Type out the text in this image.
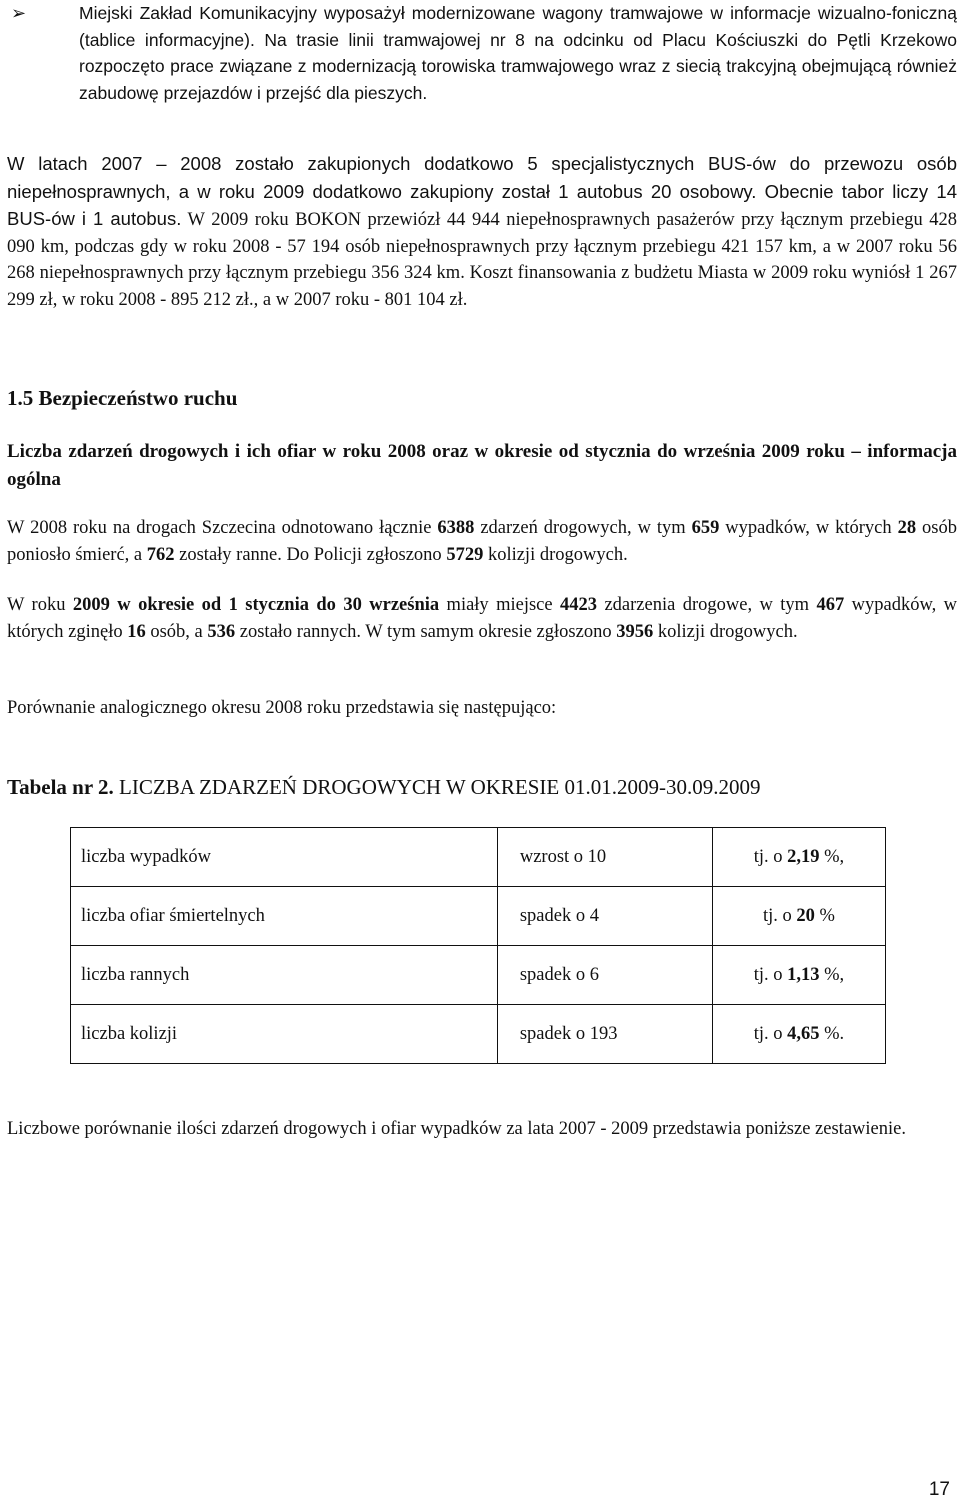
➢	Miejski Zakład Komunikacyjny wyposażył modernizowane wagony tramwajowe w informacje wizualno-foniczną (tablice informacyjne). Na trasie linii tramwajowej nr 8 na odcinku od Placu Kościuszki do Pętli Krzekowo rozpoczęto prace związane z modernizacją torowiska tramwajowego wraz z siecią trakcyjną obejmującą również zabudowę przejazdów i przejść dla pieszych.

W latach 2007 – 2008 zostało zakupionych dodatkowo 5 specjalistycznych BUS-ów do przewozu osób niepełnosprawnych, a w roku 2009 dodatkowo zakupiony został 1 autobus 20 osobowy. Obecnie tabor liczy 14 BUS-ów i 1 autobus. W 2009 roku BOKON przewiózł 44 944 niepełnosprawnych pasażerów przy łącznym przebiegu 428 090 km, podczas gdy w roku 2008 - 57 194 osób niepełnosprawnych przy łącznym przebiegu 421 157 km, a w 2007 roku 56 268 niepełnosprawnych przy łącznym przebiegu 356 324 km. Koszt finansowania z budżetu Miasta w 2009 roku wyniósł 1 267 299 zł, w roku 2008 - 895 212 zł., a w 2007 roku - 801 104 zł.

1.5 Bezpieczeństwo ruchu
Liczba zdarzeń drogowych i ich ofiar w roku 2008 oraz w okresie od stycznia do września 2009 roku – informacja ogólna

W 2008 roku na drogach Szczecina odnotowano łącznie 6388 zdarzeń drogowych, w tym 659 wypadków, w których 28 osób poniosło śmierć, a 762 zostały ranne. Do Policji zgłoszono 5729 kolizji drogowych.

W roku 2009 w okresie od 1 stycznia do 30 września miały miejsce 4423 zdarzenia drogowe, w tym 467 wypadków, w których zginęło 16 osób, a 536 zostało rannych. W tym samym okresie zgłoszono 3956 kolizji drogowych.

Porównanie analogicznego okresu 2008 roku przedstawia się następująco:

Tabela nr 2. LICZBA ZDARZEŃ DROGOWYCH W OKRESIE 01.01.2009-30.09.2009
liczba wypadków	wzrost o 10	tj. o 2,19 %,
liczba ofiar śmiertelnych	spadek o 4	tj. o 20 %
liczba rannych	spadek o 6	tj. o 1,13 %,
liczba kolizji	spadek o 193	tj. o 4,65 %.

Liczbowe porównanie ilości zdarzeń drogowych i ofiar wypadków za lata 2007 - 2009 przedstawia poniższe zestawienie.

17
